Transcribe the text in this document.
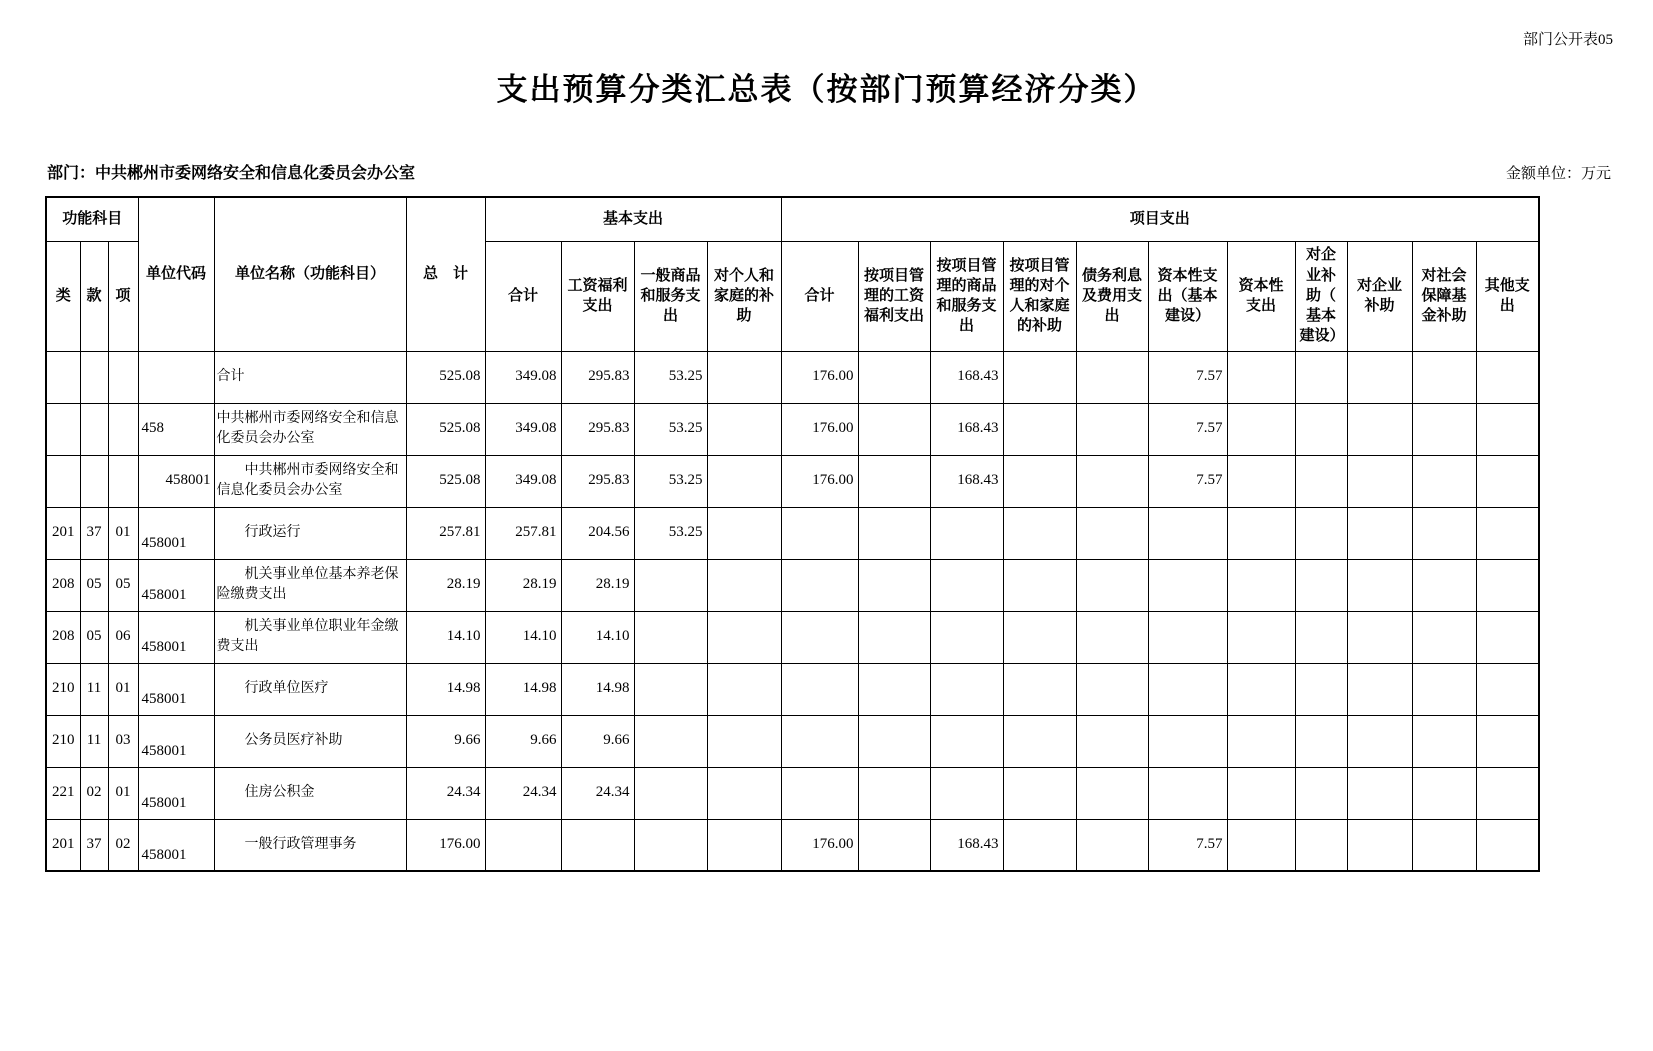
部门公开表05
支出预算分类汇总表（按部门预算经济分类）
部门：中共郴州市委网络安全和信息化委员会办公室	金额单位：万元
功能科目			单位代码	单位名称（功能科目）	总　计	基本支出				项目支出										
类	款	项				合计	工资福利支出	一般商品和服务支出	对个人和家庭的补助	合计	按项目管理的工资福利支出	按项目管理的商品和服务支出	按项目管理的对个人和家庭的补助	债务利息及费用支出	资本性支出（基本建设）	资本性支出	对企业补助（基本建设）	对企业补助	对社会保障基金补助	其他支出
				合计	525.08	349.08	295.83	53.25		176.00		168.43			7.57					
			458	中共郴州市委网络安全和信息化委员会办公室	525.08	349.08	295.83	53.25		176.00		168.43			7.57					
			458001	中共郴州市委网络安全和信息化委员会办公室	525.08	349.08	295.83	53.25		176.00		168.43			7.57					
201	37	01	458001	行政运行	257.81	257.81	204.56	53.25												
208	05	05	458001	机关事业单位基本养老保险缴费支出	28.19	28.19	28.19													
208	05	06	458001	机关事业单位职业年金缴费支出	14.10	14.10	14.10													
210	11	01	458001	行政单位医疗	14.98	14.98	14.98													
210	11	03	458001	公务员医疗补助	9.66	9.66	9.66													
221	02	01	458001	住房公积金	24.34	24.34	24.34													
201	37	02	458001	一般行政管理事务	176.00					176.00		168.43			7.57					
